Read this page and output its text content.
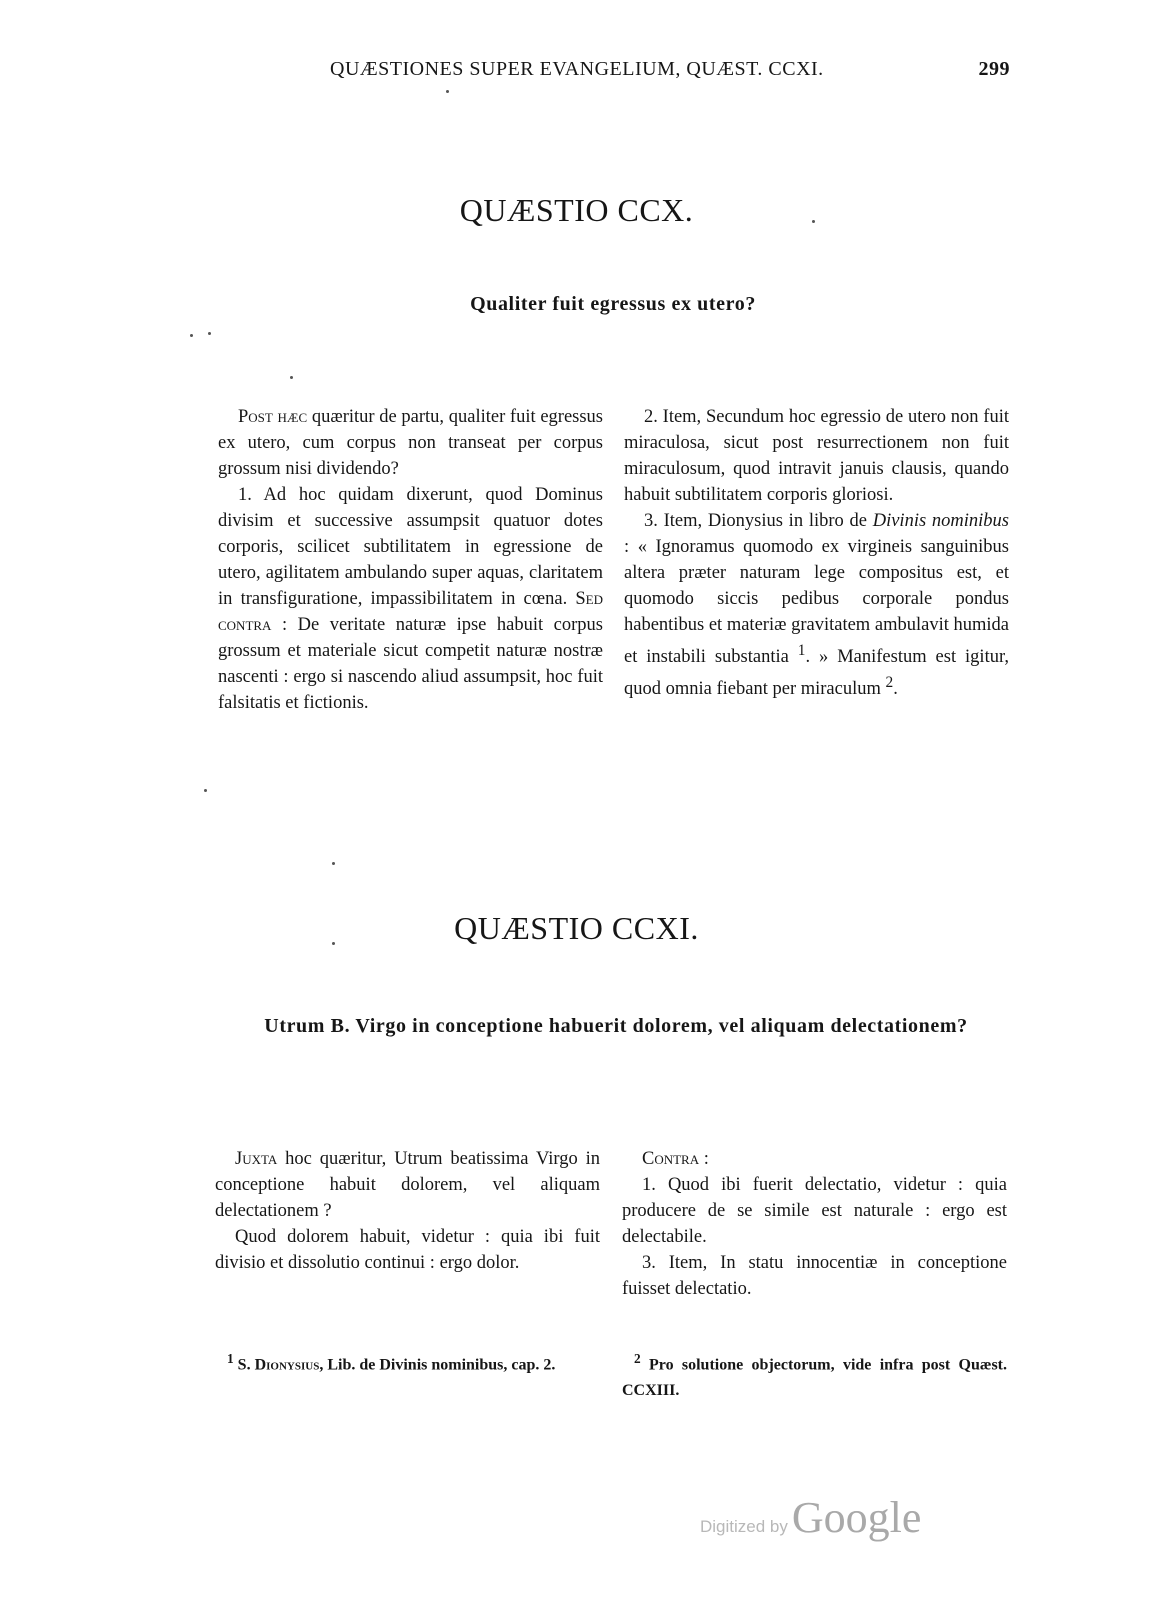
QUÆSTIONES SUPER EVANGELIUM, QUÆST. CCXI.	299
QUÆSTIO CCX.
Qualiter fuit egressus ex utero?

Post hæc quæritur de partu, qualiter fuit egressus ex utero, cum corpus non transeat per corpus grossum nisi dividendo?

1. Ad hoc quidam dixerunt, quod Dominus divisim et successive assumpsit quatuor dotes corporis, scilicet subtilitatem in egressione de utero, agilitatem ambulando super aquas, claritatem in transfiguratione, impassibilitatem in cœna. Sed contra : De veritate naturæ ipse habuit corpus grossum et materiale sicut competit naturæ nostræ nascenti : ergo si nascendo aliud assumpsit, hoc fuit falsitatis et fictionis.

2. Item, Secundum hoc egressio de utero non fuit miraculosa, sicut post resurrectionem non fuit miraculosum, quod intravit januis clausis, quando habuit subtilitatem corporis gloriosi.

3. Item, Dionysius in libro de Divinis nominibus : « Ignoramus quomodo ex virgineis sanguinibus altera præter naturam lege compositus est, et quomodo siccis pedibus corporale pondus habentibus et materiæ gravitatem ambulavit humida et instabili substantia $^1$. » Manifestum est igitur, quod omnia fiebant per miraculum $^2$.

QUÆSTIO CCXI.
Utrum B. Virgo in conceptione habuerit dolorem, vel aliquam delectationem?

Juxta hoc quæritur, Utrum beatissima Virgo in conceptione habuit dolorem, vel aliquam delectationem ?

Quod dolorem habuit, videtur : quia ibi fuit divisio et dissolutio continui : ergo dolor.

Contra :

1. Quod ibi fuerit delectatio, videtur : quia producere de se simile est naturale : ergo est delectabile.

3. Item, In statu innocentiæ in conceptione fuisset delectatio.

$^1$ S. Dionysius, Lib. de Divinis nominibus, cap. 2.	$^2$ Pro solutione objectorum, vide infra post Quæst. CCXIII.

Digitized by Google
